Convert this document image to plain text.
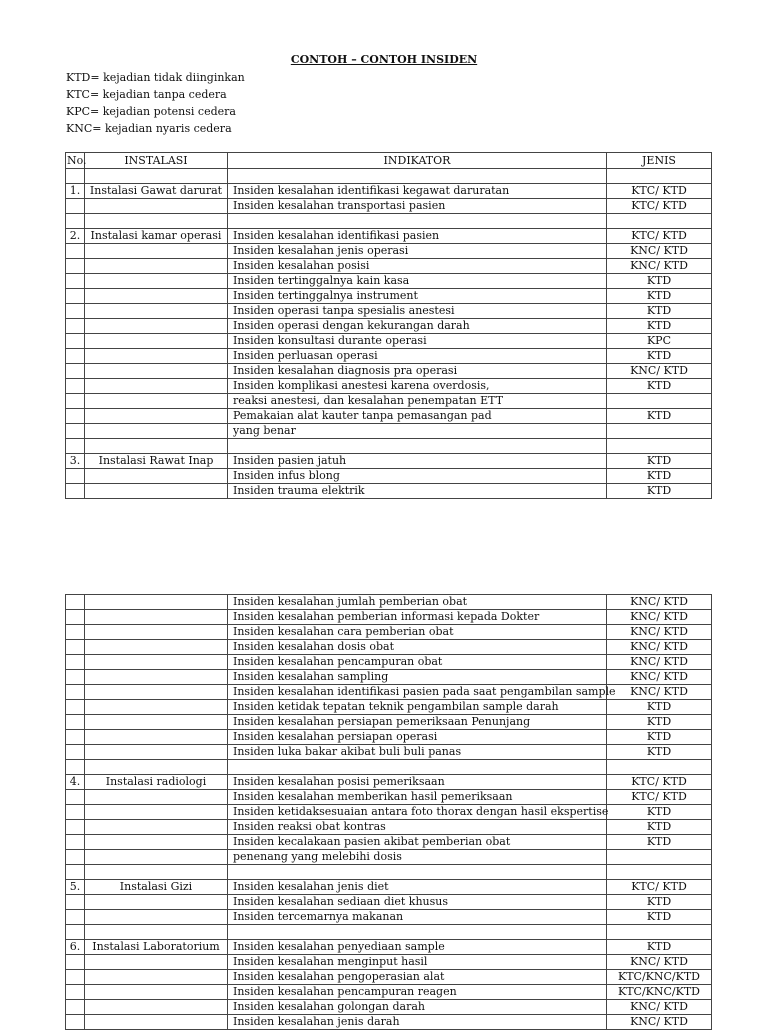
CONTOH – CONTOH INSIDEN
KTD= kejadian tidak diinginkan
KTC= kejadian tanpa cedera
KPC= kejadian potensi cedera
KNC= kejadian nyaris cedera
No.	INSTALASI	INDIKATOR	JENIS

1.	Instalasi Gawat darurat	Insiden kesalahan identifikasi kegawat daruratan	KTC/ KTD
		Insiden kesalahan transportasi pasien	KTC/ KTD

2.	Instalasi kamar operasi	Insiden kesalahan identifikasi pasien	KTC/ KTD
		Insiden kesalahan jenis operasi	KNC/ KTD
		Insiden kesalahan posisi	KNC/ KTD
		Insiden tertinggalnya kain kasa	KTD
		Insiden tertinggalnya instrument	KTD
		Insiden operasi tanpa spesialis anestesi	KTD
		Insiden operasi dengan kekurangan darah	KTD
		Insiden konsultasi durante operasi	KPC
		Insiden perluasan operasi	KTD
		Insiden kesalahan diagnosis pra operasi	KNC/ KTD
		Insiden komplikasi anestesi karena overdosis,	KTD
		reaksi anestesi, dan kesalahan penempatan ETT	
		Pemakaian alat kauter tanpa pemasangan pad	KTD
		yang benar	

3.	Instalasi Rawat Inap	Insiden pasien jatuh	KTD
		Insiden infus blong	KTD
		Insiden trauma elektrik	KTD
		Insiden kesalahan jumlah pemberian obat	KNC/ KTD
		Insiden kesalahan pemberian informasi kepada Dokter	KNC/ KTD
		Insiden kesalahan cara pemberian obat	KNC/ KTD
		Insiden kesalahan dosis obat	KNC/ KTD
		Insiden kesalahan pencampuran obat	KNC/ KTD
		Insiden kesalahan sampling	KNC/ KTD
		Insiden kesalahan identifikasi pasien pada saat pengambilan sample	KNC/ KTD
		Insiden ketidak tepatan teknik pengambilan sample darah	KTD
		Insiden kesalahan persiapan pemeriksaan Penunjang	KTD
		Insiden kesalahan persiapan operasi	KTD
		Insiden luka bakar akibat buli buli panas	KTD

4.	Instalasi radiologi	Insiden kesalahan posisi pemeriksaan	KTC/ KTD
		Insiden kesalahan memberikan hasil pemeriksaan	KTC/ KTD
		Insiden ketidaksesuaian antara foto thorax dengan hasil ekspertise	KTD
		Insiden reaksi obat kontras	KTD
		Insiden kecalakaan pasien akibat pemberian obat	KTD
		penenang yang melebihi dosis	

5.	Instalasi Gizi	Insiden kesalahan jenis diet	KTC/ KTD
		Insiden kesalahan sediaan diet khusus	KTD
		Insiden tercemarnya makanan	KTD

6.	Instalasi Laboratorium	Insiden kesalahan penyediaan sample	KTD
		Insiden kesalahan menginput hasil	KNC/ KTD
		Insiden kesalahan pengoperasian alat	KTC/KNC/KTD
		Insiden kesalahan pencampuran reagen	KTC/KNC/KTD
		Insiden kesalahan golongan darah	KNC/ KTD
		Insiden kesalahan jenis darah	KNC/ KTD
